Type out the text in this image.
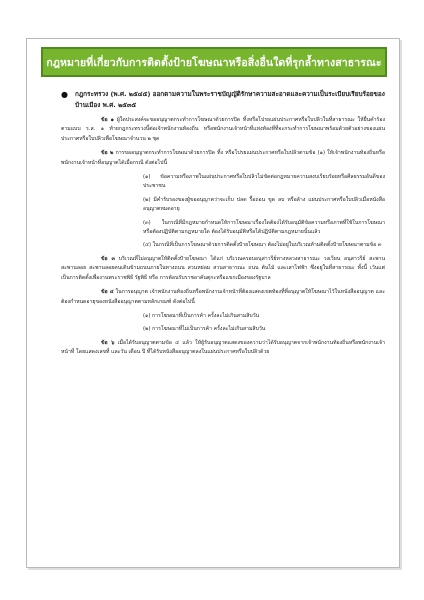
กฎหมายที่เกี่ยวกับการติดตั้งป้ายโฆษณาหรือสิ่งอื่นใดที่รุกล้ำทางสาธารณะ
● กฎกระทรวง (พ.ศ. ๒๕๔๕) ออกตามความในพระราชบัญญัติรักษาความสะอาดและความเป็นระเบียบเรียบร้อยของบ้านเมือง พ.ศ. ๒๕๓๕

ข้อ ๑ ผู้ใดประสงค์จะขออนุญาตกระทำการโฆษณาด้วยการปิด ทิ้งหรือโปรยแผ่นประกาศหรือใบปลิวในที่สาธารณะ ให้ยื่นคำร้องตามแบบ ร.ส. ๑ ท้ายกฎกระทรวงนี้ต่อเจ้าพนักงานท้องถิ่น หรือพนักงานเจ้าหน้าที่แห่งท้องที่ที่จะกระทำการโฆษณาพร้อมด้วยตัวอย่างของแผ่นประกาศหรือใบปลิวเพื่อโฆษณาจำนวน ๒ ชุด

ข้อ ๒ การขออนุญาตกระทำการโฆษณาด้วยการปิด ทิ้ง หรือโปรยแผ่นประกาศหรือใบปลิวตามข้อ (๑) ให้เจ้าพนักงานท้องถิ่นหรือพนักงานเจ้าหน้าที่อนุญาตได้เมื่อกรณี ดังต่อไปนี้

(๑) ข้อความหรือภาพในแผ่นประกาศหรือใบปลิวไม่ขัดต่อกฎหมายความสงบเรียบร้อยหรือศีลธรรมอันดีของประชาชน

(๒) มีคำรับรองของผู้ขออนุญาตว่าจะเก็บ ปลด รื้อถอน ขูด ลบ หรือล้าง แผ่นประกาศหรือใบปลิวเมื่อหนังสืออนุญาตหมดอายุ

(๓) ในกรณีที่มีกฎหมายกำหนดให้การโฆษณาเรื่องใดต้องได้รับอนุมัติข้อความหรือภาพที่ใช้ในการโฆษณา หรือต้องปฏิบัติตามกฎหมายใด ต้องได้รับอนุมัติหรือได้ปฏิบัติตามกฎหมายนั้นแล้ว

(๔) ในกรณีที่เป็นการโฆษณาด้วยการติดตั้งป้ายโฆษณา ต้องไม่อยู่ในบริเวณห้ามติดตั้งป้ายโฆษณาตามข้อ ๓

ข้อ ๓ บริเวณที่ไม่อนุญาตให้ติดตั้งป้ายโฆษณา ได้แก่ บริเวณครอบอนุสาวรีย์ทางหลวงสาธารณะ วงเวียน อนุสาวรีย์ สะพาน สะพานลอย สะพานลอยคนเดินข้ามถนนภายในทางถนน สวนหย่อม สวนสาธารณะ ถนน ต้นไม้ และเสาไฟฟ้า ซึ่งอยู่ในที่สาธารณะ ทั้งนี้ เว้นแต่ เป็นการติดตั้งเพื่องานพระราชพิธี รัฐพิธี หรือ การต้อนรับราชอาคันตุกะหรือแขกเมืองของรัฐบาล

ข้อ ๔ ในการอนุญาต เจ้าพนักงานท้องถิ่นหรือพนักงานเจ้าหน้าที่ต้องแสดงเขตท้องที่ที่อนุญาตให้โฆษณาไว้ในหนังสืออนุญาต และต้องกำหนดอายุของหนังสืออนุญาตตามหลักเกณฑ์ ดังต่อไปนี้

(๑) การโฆษณาที่เป็นการค้า ครั้งละไม่เกินสามสิบวัน

(๒) การโฆษณาที่ไม่เป็นการค้า ครั้งละไม่เกินสามสิบวัน

ข้อ ๖ เมื่อได้รับอนุญาตตามข้อ ๔ แล้ว ให้ผู้รับอนุญาตแสดงของความว่าได้รับอนุญาตจากเจ้าพนักงานท้องถิ่นหรือพนักงานเจ้าหน้าที่ โดยแสดงเลขที่ และวัน เดือน ปี ที่ได้รับหนังสืออนุญาตลงในแผ่นประกาศหรือใบปลิวด้วย
